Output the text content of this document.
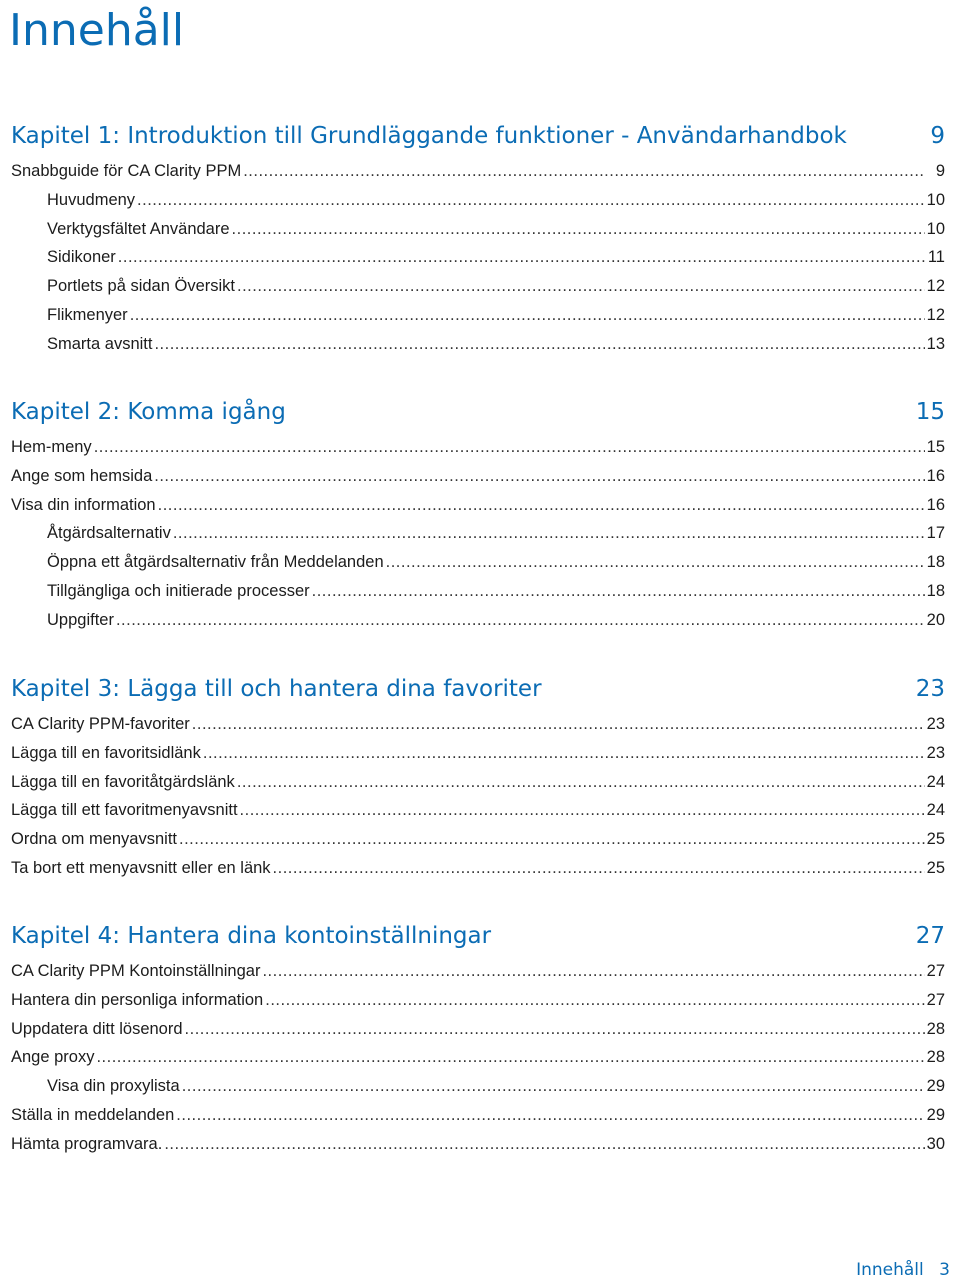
Innehåll
Kapitel 1: Introduktion till Grundläggande funktioner - Användarhandbok	9
Snabbguide för CA Clarity PPM .....	9
Huvudmeny .....	10
Verktygsfältet Användare .....	10
Sidikoner .....	11
Portlets på sidan Översikt .....	12
Flikmenyer .....	12
Smarta avsnitt .....	13
Kapitel 2: Komma igång	15
Hem-meny .....	15
Ange som hemsida .....	16
Visa din information .....	16
Åtgärdsalternativ .....	17
Öppna ett åtgärdsalternativ från Meddelanden .....	18
Tillgängliga och initierade processer .....	18
Uppgifter .....	20
Kapitel 3: Lägga till och hantera dina favoriter	23
CA Clarity PPM-favoriter .....	23
Lägga till en favoritsidlänk .....	23
Lägga till en favoritåtgärdslänk .....	24
Lägga till ett favoritmenyavsnitt .....	24
Ordna om menyavsnitt .....	25
Ta bort ett menyavsnitt eller en länk .....	25
Kapitel 4: Hantera dina kontoinställningar	27
CA Clarity PPM Kontoinställningar .....	27
Hantera din personliga information .....	27
Uppdatera ditt lösenord .....	28
Ange proxy .....	28
Visa din proxylista .....	29
Ställa in meddelanden .....	29
Hämta programvara. .....	30
Innehåll 3
